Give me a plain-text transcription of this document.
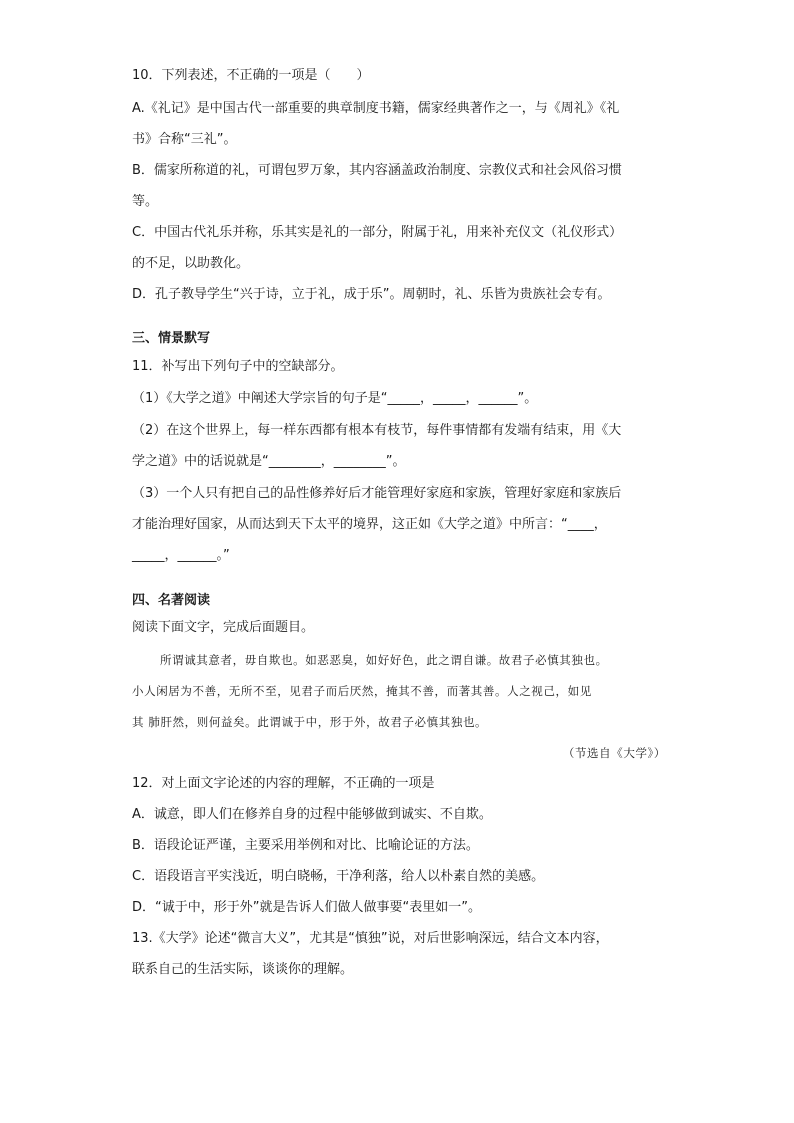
10．下列表述，不正确的一项是（　　）
A.《礼记》是中国古代一部重要的典章制度书籍，儒家经典著作之一，与《周礼》《礼
书》合称“三礼”。
B．儒家所称道的礼，可谓包罗万象，其内容涵盖政治制度、宗教仪式和社会风俗习惯
等。
C．中国古代礼乐并称，乐其实是礼的一部分，附属于礼，用来补充仪文（礼仪形式）
的不足，以助教化。
D．孔子教导学生“兴于诗，立于礼，成于乐”。周朝时，礼、乐皆为贵族社会专有。
三、情景默写
11．补写出下列句子中的空缺部分。
（1）《大学之道》中阐述大学宗旨的句子是“_____，_____，______”。
（2）在这个世界上，每一样东西都有根本有枝节，每件事情都有发端有结束，用《大
学之道》中的话说就是“________，________”。
（3）一个人只有把自己的品性修养好后才能管理好家庭和家族，管理好家庭和家族后
才能治理好国家，从而达到天下太平的境界，这正如《大学之道》中所言：“____，
_____，______。”
四、名著阅读
阅读下面文字，完成后面题目。
所谓诚其意者，毋自欺也。如恶恶臭，如好好色，此之谓自谦。故君子必慎其独也。
小人闲居为不善，无所不至，见君子而后厌然，掩其不善，而著其善。人之视己，如见
其 肺肝然，则何益矣。此谓诚于中，形于外，故君子必慎其独也。
（节选自《大学》）
12．对上面文字论述的内容的理解，不正确的一项是
A．诚意，即人们在修养自身的过程中能够做到诚实、不自欺。
B．语段论证严谨，主要采用举例和对比、比喻论证的方法。
C．语段语言平实浅近，明白晓畅，干净利落，给人以朴素自然的美感。
D．“诚于中，形于外”就是告诉人们做人做事要“表里如一”。
13.《大学》论述“微言大义”，尤其是“慎独”说，对后世影响深远，结合文本内容，
联系自己的生活实际，谈谈你的理解。
